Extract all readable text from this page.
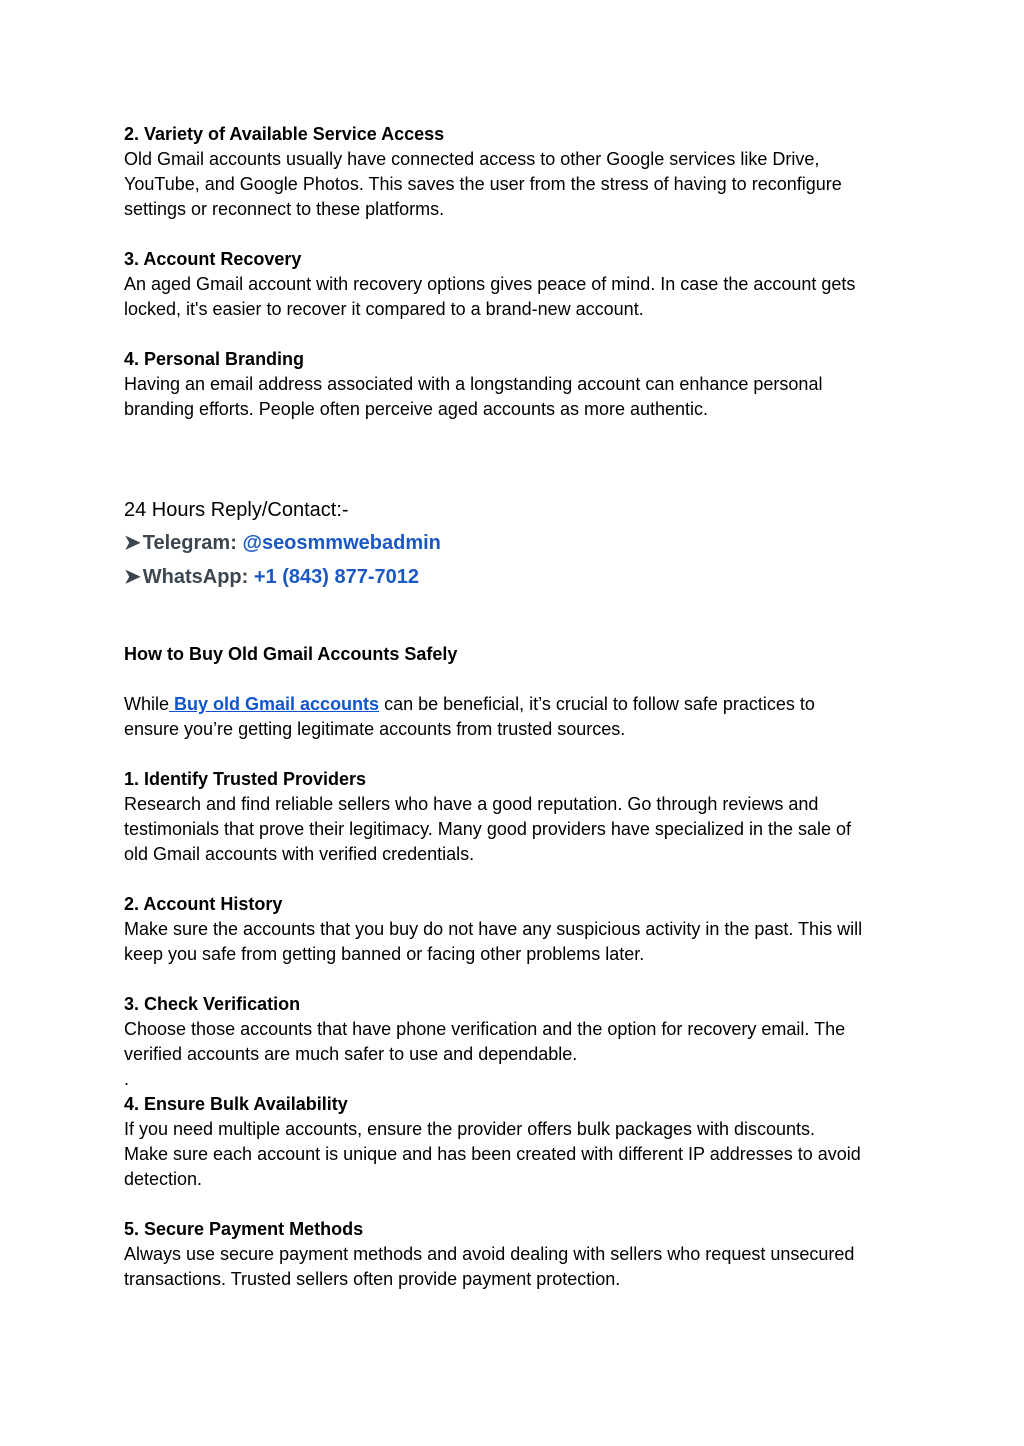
2. Variety of Available Service Access
Old Gmail accounts usually have connected access to other Google services like Drive,
YouTube, and Google Photos. This saves the user from the stress of having to reconfigure
settings or reconnect to these platforms.
3. Account Recovery
An aged Gmail account with recovery options gives peace of mind. In case the account gets
locked, it's easier to recover it compared to a brand-new account.
4. Personal Branding
Having an email address associated with a longstanding account can enhance personal
branding efforts. People often perceive aged accounts as more authentic.
24 Hours Reply/Contact:-
➤ Telegram: @seosmmwebadmin
➤ WhatsApp: +1 (843) 877-7012
How to Buy Old Gmail Accounts Safely
While Buy old Gmail accounts can be beneficial, it’s crucial to follow safe practices to
ensure you’re getting legitimate accounts from trusted sources.
1. Identify Trusted Providers
Research and find reliable sellers who have a good reputation. Go through reviews and
testimonials that prove their legitimacy. Many good providers have specialized in the sale of
old Gmail accounts with verified credentials.
2. Account History
Make sure the accounts that you buy do not have any suspicious activity in the past. This will
keep you safe from getting banned or facing other problems later.
3. Check Verification
Choose those accounts that have phone verification and the option for recovery email. The
verified accounts are much safer to use and dependable.
.
4. Ensure Bulk Availability
If you need multiple accounts, ensure the provider offers bulk packages with discounts.
Make sure each account is unique and has been created with different IP addresses to avoid
detection.
5. Secure Payment Methods
Always use secure payment methods and avoid dealing with sellers who request unsecured
transactions. Trusted sellers often provide payment protection.
